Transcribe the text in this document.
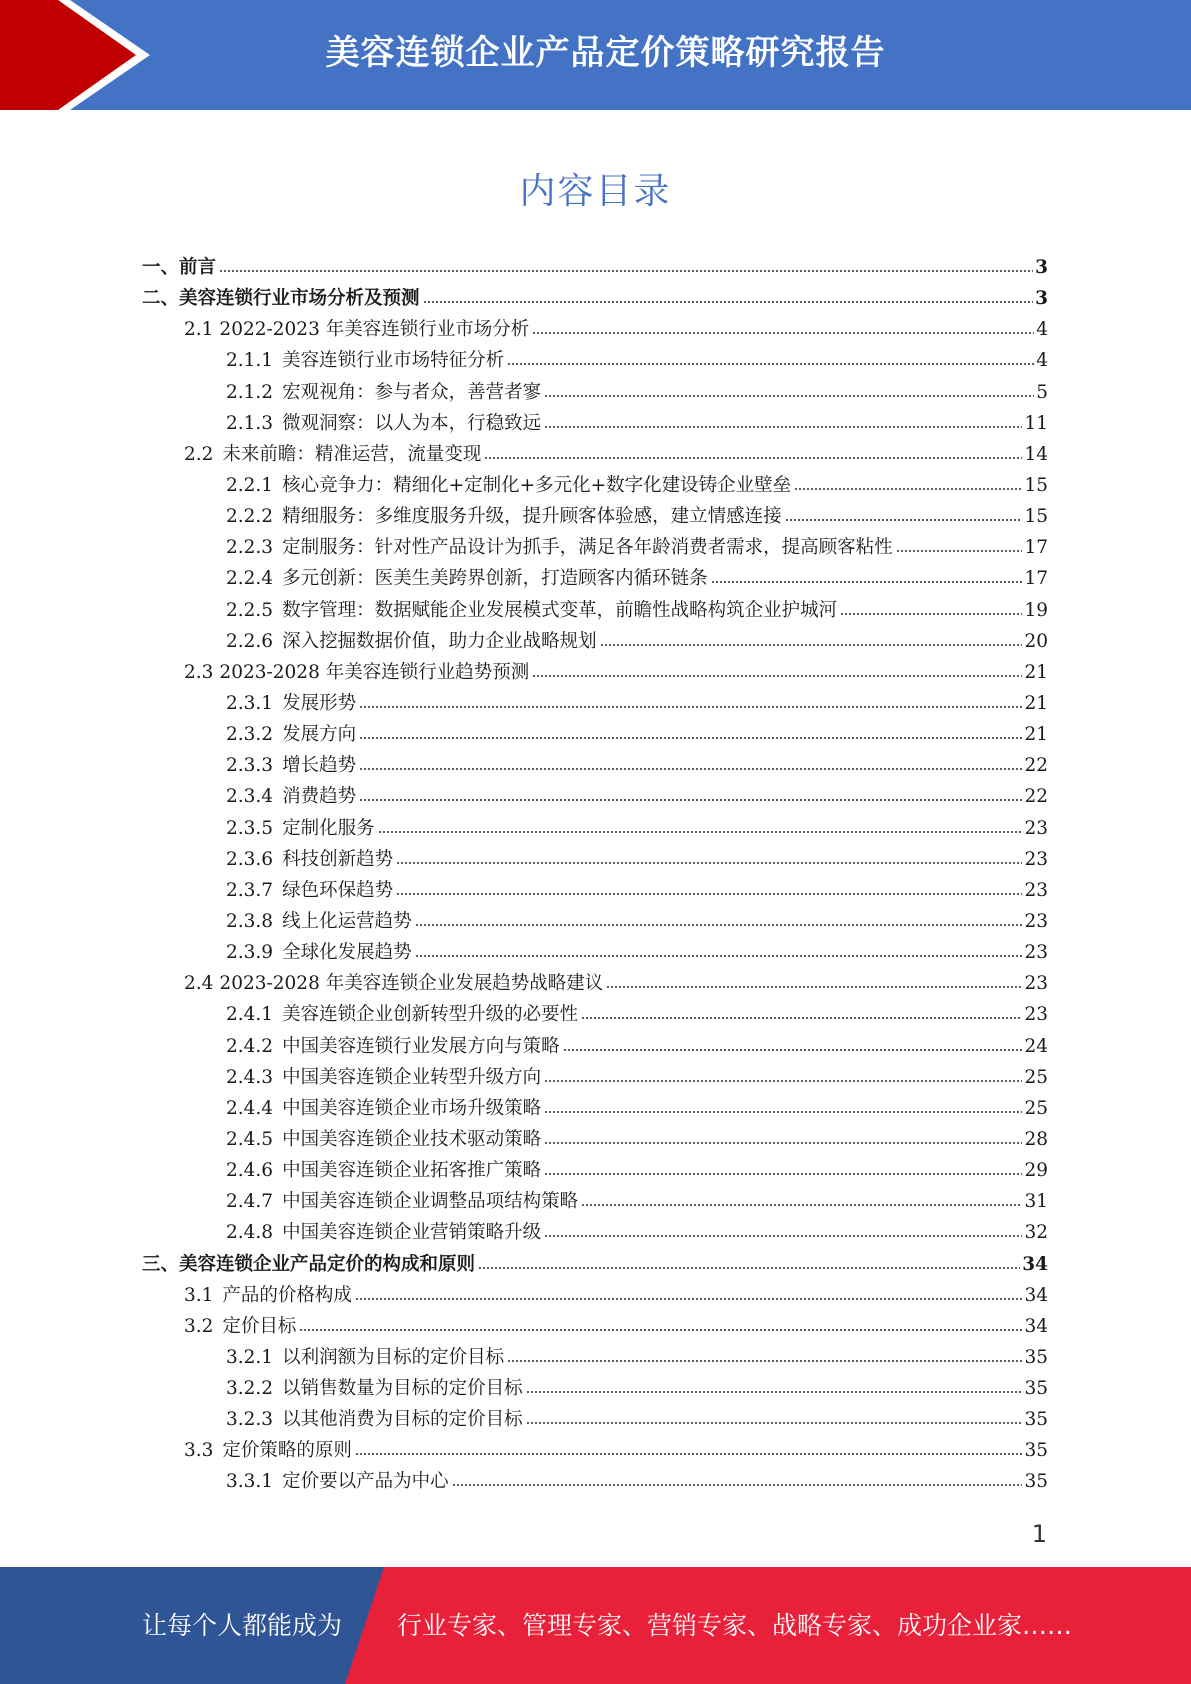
美容连锁企业产品定价策略研究报告
内容目录
一、 前言	3
二、 美容连锁行业市场分析及预测	3
2.1 2022-2023 年美容连锁行业市场分析	4
2.1.1 美容连锁行业市场特征分析	4
2.1.2 宏观视角：参与者众，善营者寥	5
2.1.3 微观洞察：以人为本，行稳致远	11
2.2 未来前瞻：精准运营，流量变现	14
2.2.1 核心竞争力：精细化+定制化+多元化+数字化建设铸企业壁垒	15
2.2.2 精细服务：多维度服务升级，提升顾客体验感，建立情感连接	15
2.2.3 定制服务：针对性产品设计为抓手，满足各年龄消费者需求，提高顾客粘性	17
2.2.4 多元创新：医美生美跨界创新，打造顾客内循环链条	17
2.2.5 数字管理：数据赋能企业发展模式变革，前瞻性战略构筑企业护城河	19
2.2.6 深入挖掘数据价值，助力企业战略规划	20
2.3 2023-2028 年美容连锁行业趋势预测	21
2.3.1 发展形势	21
2.3.2 发展方向	21
2.3.3 增长趋势	22
2.3.4 消费趋势	22
2.3.5 定制化服务	23
2.3.6 科技创新趋势	23
2.3.7 绿色环保趋势	23
2.3.8 线上化运营趋势	23
2.3.9 全球化发展趋势	23
2.4 2023-2028 年美容连锁企业发展趋势战略建议	23
2.4.1 美容连锁企业创新转型升级的必要性	23
2.4.2 中国美容连锁行业发展方向与策略	24
2.4.3 中国美容连锁企业转型升级方向	25
2.4.4 中国美容连锁企业市场升级策略	25
2.4.5 中国美容连锁企业技术驱动策略	28
2.4.6 中国美容连锁企业拓客推广策略	29
2.4.7 中国美容连锁企业调整品项结构策略	31
2.4.8 中国美容连锁企业营销策略升级	32
三、 美容连锁企业产品定价的构成和原则	34
3.1 产品的价格构成	34
3.2 定价目标	34
3.2.1 以利润额为目标的定价目标	35
3.2.2 以销售数量为目标的定价目标	35
3.2.3 以其他消费为目标的定价目标	35
3.3 定价策略的原则	35
3.3.1 定价要以产品为中心	35
1
让每个人都能成为 行业专家、管理专家、营销专家、战略专家、成功企业家……
